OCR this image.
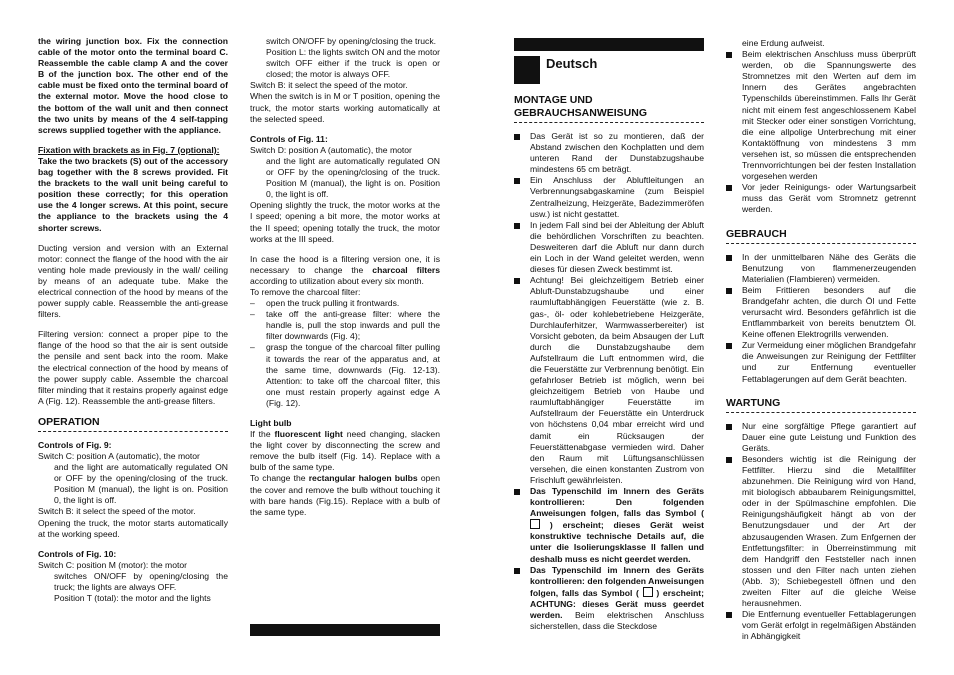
the wiring junction box. Fix the connection cable of the motor onto the terminal board C. Reassemble the cable clamp A and the cover B of the junction box. The other end of the cable must be fixed onto the terminal board of the external motor. Move the hood close to the bottom of the wall unit and then connect the two units by means of the 4 self-tapping screws supplied together with the appliance.

Fixation with brackets as in Fig. 7 (optional):

Take the two brackets (S) out of the accessory bag together with the 8 screws provided. Fit the brackets to the wall unit being careful to position these correctly; for this operation use the 4 longer screws. At this point, secure the appliance to the brackets using the 4 shorter screws.

Ducting version and version with an External motor: connect the flange of the hood with the air venting hole made previously in the wall/ ceiling by means of an adequate tube. Make the electrical connection of the hood by means of the power supply cable. Reassemble the anti-grease filters.

Filtering version: connect a proper pipe to the flange of the hood so that the air is sent outside the pensile and sent back into the room. Make the electrical connection of the hood by means of the power supply cable. Assemble the charcoal filter minding that it restains properly against edge A (Fig. 12). Reassemble the anti-grease filters.

OPERATION
Controls of Fig. 9:
Switch C: position A (automatic), the motor
and the light are automatically regulated ON or OFF by the opening/closing of the truck. Position M (manual), the light is on. Position 0, the light is off.
Switch B: it select the speed of the motor.

Opening the truck, the motor starts automatically at the working speed.

Controls of Fig. 10:
Switch C: position M (motor): the motor
switches ON/OFF by opening/closing the truck; the lights are always OFF.
Position T (total): the motor and the lights
switch ON/OFF by opening/closing the truck.
Position L: the lights switch ON and the motor switch OFF either if the truck is open or closed; the motor is always OFF.
Switch B: it select the speed of the motor.

When the switch is in M or T position, opening the truck, the motor starts working automatically at the selected speed.

Controls of Fig. 11:
Switch D: position A (automatic), the motor
and the light are automatically regulated ON or OFF by the opening/closing of the truck. Position M (manual), the light is on. Position 0, the light is off.

Opening slightly the truck, the motor works at the I speed; opening a bit more, the motor works at the II speed; opening totally the truck, the motor works at the III speed.

In case the hood is a filtering version one, it is necessary to change the charcoal filters according to utilization about every six month.
To remove the charcoal filter:
–	open the truck pulling it frontwards.
–	take off the anti-grease filter: where the handle is, pull the stop inwards and pull the filter downwards (Fig. 4);
–	grasp the tongue of the charcoal filter pulling it towards the rear of the apparatus and, at the same time, downwards (Fig. 12-13). Attention: to take off the charcoal filter, this one must restain properly against edge A (Fig. 12).
Light bulb
If the fluorescent light need changing, slacken the light cover by disconnecting the screw and remove the bulb itself (Fig. 14). Replace with a bulb of the same type.
To change the rectangular halogen bulbs open the cover and remove the bulb without touching it with bare hands (Fig.15). Replace with a bulb of the same type.
Deutsch
MONTAGE UND GEBRAUCHSANWEISUNG
Das Gerät ist so zu montieren, daß der Abstand zwischen den Kochplatten und dem unteren Rand der Dunstabzugshaube mindestens 65 cm beträgt.
Ein Anschluss der Abluftleitungen an Verbrennungsabgaskamine (zum Beispiel Zentralheizung, Heizgeräte, Badezimmeröfen usw.) ist nicht gestattet.
In jedem Fall sind bei der Ableitung der Abluft die behördlichen Vorschriften zu beachten. Desweiteren darf die Abluft nur dann durch ein Loch in der Wand geleitet werden, wenn dieses für diesen Zweck bestimmt ist.
Achtung! Bei gleichzeitigem Betrieb einer Abluft-Dunstabzugshaube und einer raumluftabhängigen Feuerstätte (wie z. B. gas-, öl- oder kohlebetriebene Heizgeräte, Durchlauferhitzer, Warmwasserbereiter) ist Vorsicht geboten, da beim Absaugen der Luft durch die Dunstabzugshaube dem Aufstellraum die Luft entnommen wird, die die Feuerstätte zur Verbrennung benötigt. Ein gefahrloser Betrieb ist möglich, wenn bei gleichzeitigem Betrieb von Haube und raumluftabhängiger Feuerstätte im Aufstellraum der Feuerstätte ein Unterdruck von höchstens 0,04 mbar erreicht wird und damit ein Rücksaugen der Feuerstättenabgase vermieden wird. Daher den Raum mit Lüftungsanschlüssen versehen, die einen konstanten Zustrom von Frischluft gewährleisten.
Das Typenschild im Innern des Geräts kontrollieren: Den folgenden Anweisungen folgen, falls das Symbol (  ) erscheint; dieses Gerät weist konstruktive technische Details auf, die unter die Isolierungsklasse II fallen und deshalb muss es nicht geerdet werden.
Das Typenschild im Innern des Geräts kontrollieren: den folgenden Anweisungen folgen, falls das Symbol ( ) erscheint; ACHTUNG: dieses Gerät muss geerdet werden. Beim elektrischen Anschluss sicherstellen, dass die Steckdose
eine Erdung aufweist.
Beim elektrischen Anschluss muss überprüft werden, ob die Spannungswerte des Stromnetzes mit den Werten auf dem im Innern des Gerätes angebrachten Typenschilds übereinstimmen. Falls Ihr Gerät nicht mit einem fest angeschlossenem Kabel mit Stecker oder einer sonstigen Vorrichtung, die eine allpolige Unterbrechung mit einer Kontaktöffnung von mindestens 3 mm versehen ist, so müssen die entsprechenden Trennvorrichtungen bei der festen Installation vorgesehen werden
Vor jeder Reinigungs- oder Wartungsarbeit muss das Gerät vom Stromnetz getrennt werden.
GEBRAUCH
In der unmittelbaren Nähe des Geräts die Benutzung von flammenerzeugenden Materialien (Flambieren) vermeiden.
Beim Frittieren besonders auf die Brandgefahr achten, die durch Öl und Fette verursacht wird. Besonders gefährlich ist die Entflammbarkeit von bereits benutztem Öl. Keine offenen Elektrogrills verwenden.
Zur Vermeidung einer möglichen Brandgefahr die Anweisungen zur Reinigung der Fettfilter und zur Entfernung eventueller Fettablagerungen auf dem Gerät beachten.
WARTUNG
Nur eine sorgfältige Pflege garantiert auf Dauer eine gute Leistung und Funktion des Geräts.
Besonders wichtig ist die Reinigung der Fettfilter. Hierzu sind die Metallfilter abzunehmen. Die Reinigung wird von Hand, mit biologisch abbaubarem Reinigungsmittel, oder in der Spülmaschine empfohlen. Die Reinigungshäufigkeit hängt ab von der Benutzungsdauer und der Art der abzusaugenden Wrasen. Zum Enfgernen der Entfettungsfilter: in Überreinstimmung mit dem Handgriff den Feststeller nach innen stossen und den Filter nach unten ziehen (Abb. 3); Schiebegestell öffnen und den zweiten Filter auf die gleiche Weise herausnehmen.
Die Entfernung eventueller Fettablagerungen vom Gerät erfolgt in regelmäßigen Abständen in Abhängigkeit
